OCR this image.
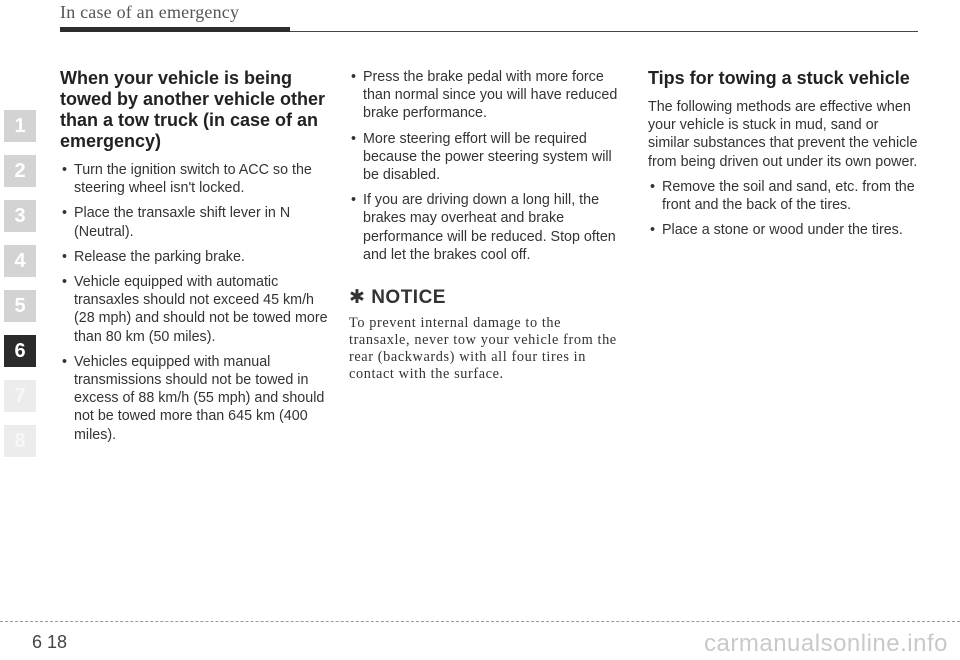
In case of an emergency
1
2
3
4
5
6
7
8
When your vehicle is being towed by another vehicle other than a tow truck (in case of an emergency)
• Turn the ignition switch to ACC so the steering wheel isn't locked.
• Place the transaxle shift lever in N (Neutral).
• Release the parking brake.
• Vehicle equipped with automatic transaxles should not exceed 45 km/h (28 mph) and should not be towed more than 80 km (50 miles).
• Vehicles equipped with manual transmissions should not be towed in excess of 88 km/h (55 mph) and should not be towed more than 645 km (400 miles).
• Press the brake pedal with more force than normal since you will have reduced brake performance.
• More steering effort will be required because the power steering system will be disabled.
• If you are driving down a long hill, the brakes may overheat and brake performance will be reduced. Stop often and let the brakes cool off.
✱ NOTICE
To prevent internal damage to the transaxle, never tow your vehicle from the rear (backwards) with all four tires in contact with the surface.
Tips for towing a stuck vehicle

The following methods are effective when your vehicle is stuck in mud, sand or similar substances that prevent the vehicle from being driven out under its own power.

• Remove the soil and sand, etc. from the front and the back of the tires.
• Place a stone or wood under the tires.
6 18	carmanualsonline.info
